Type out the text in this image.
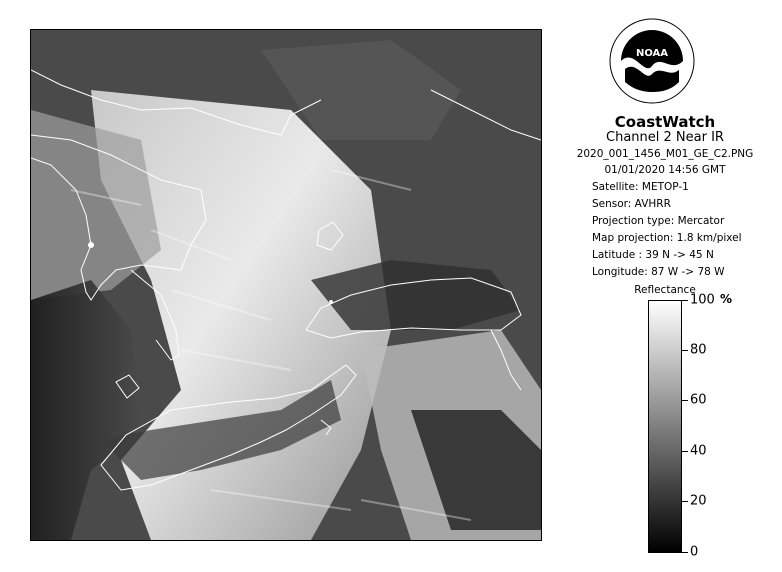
NOAA
CoastWatch
Channel 2 Near IR
2020_001_1456_M01_GE_C2.PNG
01/01/2020 14:56 GMT
Satellite: METOP-1
Sensor: AVHRR
Projection type: Mercator
Map projection: 1.8 km/pixel
Latitude : 39 N -> 45 N
Longitude: 87 W -> 78 W
Reflectance
%
100
80
60
40
20
0
